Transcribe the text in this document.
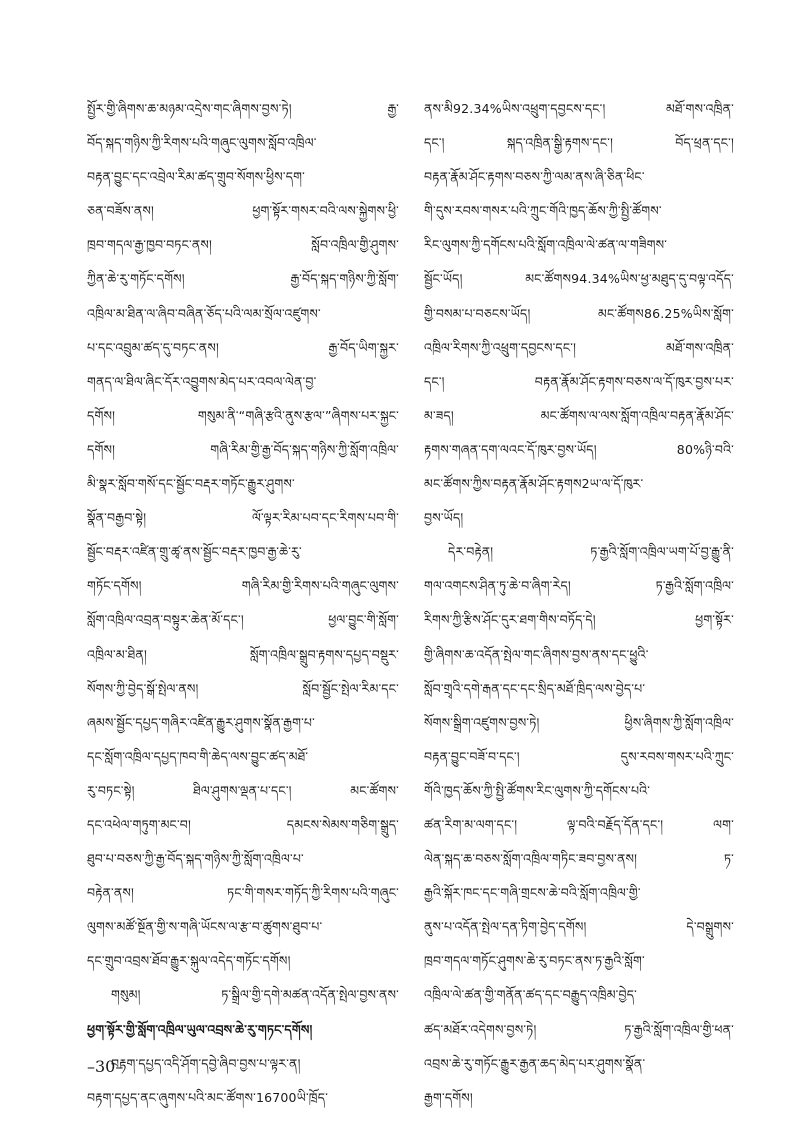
སྤྱོར་གྱི་ཞིགས་ཆ་མཉམ་འདྲེས་གང་ཞིགས་བྱས་ཏེ། རྒྱ་
བོད་སྐད་གཉིས་ཀྱི་རིགས་པའི་གཞུང་ལུགས་སློབ་འཁྲིལ་
བརྟན་བྱུང་དང་འབྲེལ་རིམ་ཚད་གྲུབ་སོགས་ཕྱིས་དག་
ཅན་བཟོས་ནས། ཕྱག་སྟོར་གསར་བའི་ལས་སྐྱེགས་ཕྱི་
ཁྲབ་གདལ་རྒྱ་ཁྱབ་བཏང་ནས། སློབ་འཁྲིལ་གྱི་ཤུགས་
ཀྱིན་ཆེ་རུ་གཏོང་དགོས། རྒྱ་བོད་སྐད་གཉིས་ཀྱི་སློག་
འཁྲིལ་མ་ཐིན་ལ་ཞིབ་བཞིན་ཅོད་པའི་ལམ་སྲོལ་འཛུགས་
པ་དང་འབྲུམ་ཚད་དུ་བཏང་ནས། རྒྱ་བོད་ཡིག་སྐྱར་
གནད་ལ་ཐིལ་ཞིང་དོར་འབྱུགས་མེད་པར་འབལ་ལེན་བྱ་
དགོས། གསུམ་ནི་“གཞི་རྩའི་ནུས་རྩལ་”ཞིགས་པར་སྐྱང་
དགོས། གཞི་རིམ་གྱི་རྒྱ་བོད་སྐད་གཉིས་ཀྱི་སློག་འཁྲིལ་
མི་སྣར་སློབ་གསོ་དང་སྦྱོང་བརྡར་གཏོང་རྒྱུར་ཤུགས་
སྣོན་བརྒྱབ་སྟེ། ལོ་ལྟར་རིམ་པབ་དང་རིགས་པབ་གི་
སྦྱོང་བརྡར་འཛིན་གྲུ་ཚྭ་ནས་སྦྱོང་བརྡར་ཁྱབ་རྒྱ་ཆེ་རུ་
གཏོང་དགོས། གཞི་རིམ་གྱི་རིགས་པའི་གཞུང་ལུགས་
སློག་འཁྲིལ་འབྲན་བསྟུར་ཆེན་མོ་དང་། ཕྱལ་བྱུང་གི་སློག་
འཁྲིལ་མ་ཐིན། སློག་འཁྲིལ་སྒྲུབ་རྟགས་དཔྱད་བསྡུར་
སོགས་ཀྱི་བྱེད་སྒོ་སྤེལ་ནས། སློབ་སྦྱོང་སྤེལ་རིམ་དང་
ཞམས་སྦྱོང་དཔྱད་གཞིར་འཛིན་རྒྱུར་ཤུགས་སྣོན་རྒྱག་པ་
དང་སློག་འཁྲིལ་དཔྱད་ཁབ་གི་ཆེད་ལས་བྱུང་ཚད་མཐོ་
རུ་བཏང་སྟེ། ཐིལ་ཤུགས་ལྡན་པ་དང་། མང་ཚོགས་
དང་འཕེལ་གཏུག་མང་བ། དམངས་སེམས་གཅིག་སྒྲུད་
ཐུབ་པ་བཅས་ཀྱི་རྒྱ་བོད་སྐད་གཉིས་ཀྱི་སློག་འཁྲིལ་པ་
བརྟེན་ནས། ཏང་གི་གསར་གཏོད་ཀྱི་རིགས་པའི་གཞུང་
ལུགས་མཚོ་སྔོན་གྱི་ས་གཞི་ཡོངས་ལ་རྩ་བ་ཚུགས་ཐུབ་པ་
དང་གྲུབ་འབྲས་ཐོབ་རྒྱུར་སྐུལ་འདེད་གཏོང་དགོས།
གསུམ། ཏ་སྒྲིལ་གྱི་དགེ་མཚན་འདོན་སྤེལ་བྱས་ནས་
ཕྱག་སྟོར་གྱི་སློག་འཁྲིལ་ཡུལ་འབྲས་ཆེ་རུ་གཏང་དགོས།
བརྟག་དཔྱད་འདི་ཤོག་དབྱེ་ཞིབ་བྱས་པ་ལྟར་ན།
བརྟག་དཔྱད་ནང་ཞུགས་པའི་མང་ཚོགས་16700ཡི་ཁྲོད་
ནས་མི92.34%ཡིས་འཕྲུག་དབྱངས་དང་། མཐོ་གས་འཁྲིན་
དང་། སྐད་འཁྲིན་སྒྱི་རྟགས་དང་། བོད་ཕྲན་དང་།
བརྟན་རྣོམ་ཤོང་རྟགས་བཅས་ཀྱི་ལམ་ནས་ཞི་ཅིན་ཕིང་
གི་དུས་རབས་གསར་པའི་ཀྲུང་གོའི་ཁྱད་ཆོས་ཀྱི་སྤྱི་ཚོགས་
རིང་ལུགས་ཀྱི་དགོངས་པའི་སློག་འཁྲིལ་ལེ་ཚན་ལ་གཟིགས་
སྦྱོང་ཡོད། མང་ཚོགས94.34%ཡིས་ཕྱ་མཐུད་དུ་བལྟ་འདོད་
གྱི་བསམ་པ་བཅངས་ཡོད། མང་ཚོགས86.25%ཡིས་སློག་
འཁྲིལ་རིགས་ཀྱི་འཕྲུག་དབྱངས་དང་། མཐོ་གས་འཁྲིན་
དང་། བརྟན་རྣོམ་ཤོང་རྟགས་བཅས་ལ་དོ་ཁུར་བྱས་པར་
མ་ཟད། མང་ཚོགས་ལ་ལས་སློག་འཁྲིལ་བརྟན་རྣོམ་ཤོང་
རྟགས་གཞན་དག་ལའང་དོ་ཁུར་བྱས་ཡོད། 80%ཉི་བའི་
མང་ཚོགས་ཀྱིས་བརྟན་རྣོམ་ཤོང་རྟགས2ཡ་ལ་དོ་ཁུར་
བྱས་ཡོད།
དེར་བརྟེན། ཏ་རྒྱའི་སློག་འཁྲིལ་ཡག་པོ་བྱ་རྒྱུ་ནི་
གལ་འགངས་ཤིན་ཏུ་ཆེ་བ་ཞིག་རེད། ཏ་རྒྱའི་སློག་འཁྲིལ་
རིགས་ཀྱི་རྩིས་ཤོང་དུར་ཐག་གིས་བཏོད་དེ། ཕྱག་སྟོར་
གྱི་ཞིགས་ཆ་འདོན་སྤེལ་གང་ཞིགས་བྱས་ནས་དང་ཕྱུའི་
སློབ་གྲྭའི་དགེ་རྒན་དང་དང་སྲིད་མཐོ་ཁྲིད་ལས་བྱེད་པ་
སོགས་སྒྲིག་འཛུགས་བྱས་ཏེ། ཕྱིས་ཞིགས་ཀྱི་སློག་འཁྲིལ་
བརྟན་བྱུང་བཟོ་བ་དང་། དུས་རབས་གསར་པའི་ཀྲུང་
གོའི་ཁྱད་ཆོས་ཀྱི་སྤྱི་ཚོགས་རིང་ལུགས་ཀྱི་དགོངས་པའི་
ཚན་རིག་མ་ལག་དང་། ལྟ་བའི་བརྗོད་དོན་དང་། ལག་
ལེན་སྐད་ཆ་བཅས་སློག་འཁྲིལ་གཏིང་ཟབ་བྱས་ནས། ཏ་
རྒྱའི་སྐོར་ཁང་དང་གཞི་གྲངས་ཆེ་བའི་སློག་འཁྲིལ་གྱི་
ནུས་པ་འདོན་སྤེལ་དན་ཏིག་བྱེད་དགོས། དེ་བསྒྲུགས་
ཁྲབ་གདལ་གཏོང་ཤུགས་ཆེ་རུ་བཏང་ནས་ཏ་རྒྱའི་སློག་
འཁྲིལ་ལེ་ཚན་གྱི་གནོན་ཚད་དང་བརྒྱུད་འཁྲིམ་བྱེད་
ཚད་མཐོར་འདེགས་བྱས་ཏེ། ཏ་རྒྱའི་སློག་འཁྲིལ་གྱི་ཕན་
འབྲས་ཆེ་རུ་གཏོང་རྒྱུར་རྒྱན་ཆད་མེད་པར་ཤུགས་སྣོན་
རྒྱག་དགོས།
–30–
